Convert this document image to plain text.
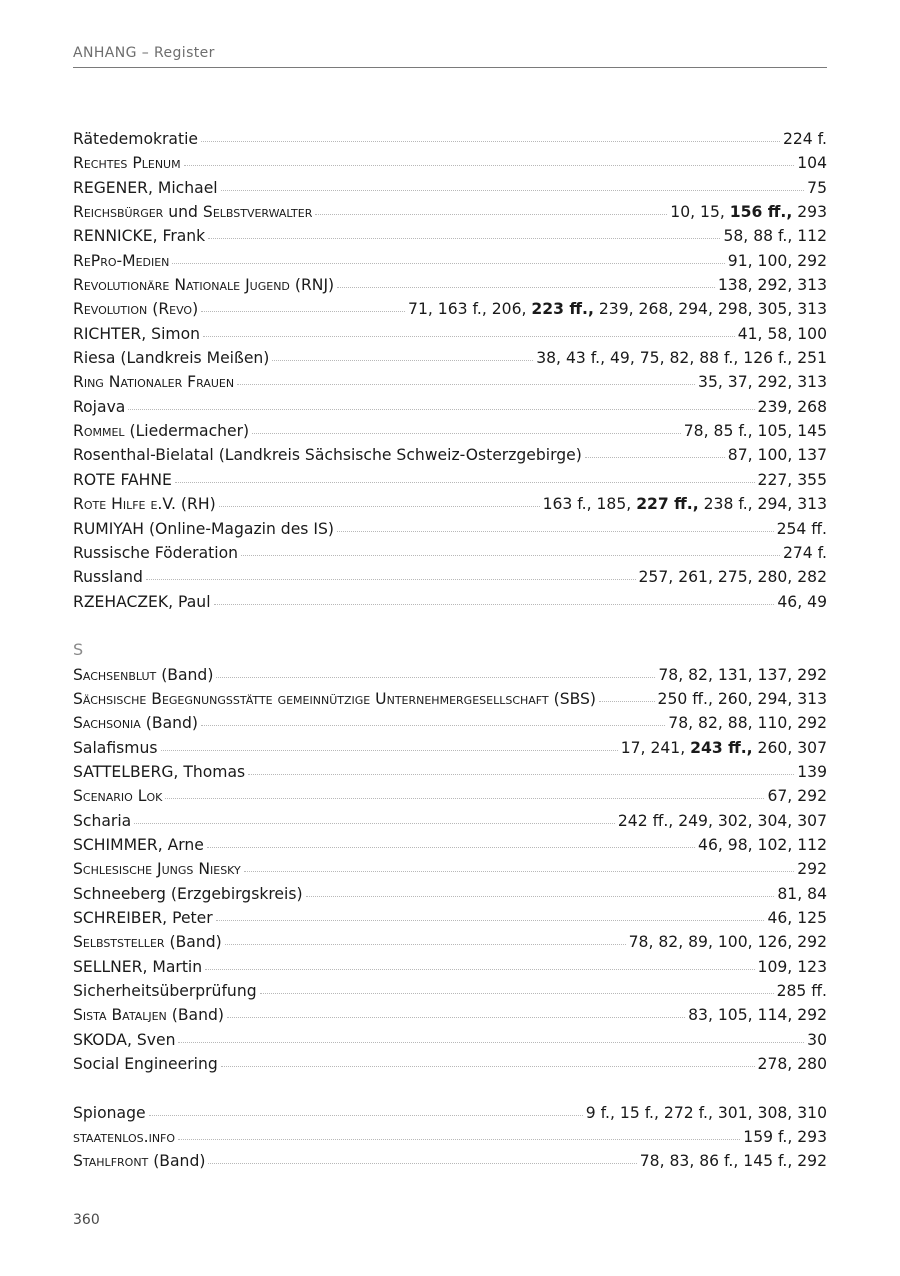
ANHANG – Register
Rätedemokratie	224 f.
Rechtes Plenum	104
REGENER, Michael	75
Reichsbürger und Selbstverwalter	10, 15, 156 ff., 293
RENNICKE, Frank	58, 88 f., 112
RePro-Medien	91, 100, 292
Revolutionäre Nationale Jugend (RNJ)	138, 292, 313
Revolution (Revo)	71, 163 f., 206, 223 ff., 239, 268, 294, 298, 305, 313
RICHTER, Simon	41, 58, 100
Riesa (Landkreis Meißen)	38, 43 f., 49, 75, 82, 88 f., 126 f., 251
Ring Nationaler Frauen	35, 37, 292, 313
Rojava	239, 268
Rommel (Liedermacher)	78, 85 f., 105, 145
Rosenthal-Bielatal (Landkreis Sächsische Schweiz-Osterzgebirge)	87, 100, 137
ROTE FAHNE	227, 355
Rote Hilfe e.V. (RH)	163 f., 185, 227 ff., 238 f., 294, 313
RUMIYAH (Online-Magazin des IS)	254 ff.
Russische Föderation	274 f.
Russland	257, 261, 275, 280, 282
RZEHACZEK, Paul	46, 49
S
Sachsenblut (Band)	78, 82, 131, 137, 292
Sächsische Begegnungsstätte gemeinnützige Unternehmergesellschaft (SBS)	250 ff., 260, 294, 313
Sachsonia (Band)	78, 82, 88, 110, 292
Salafismus	17, 241, 243 ff., 260, 307
SATTELBERG, Thomas	139
Scenario Lok	67, 292
Scharia	242 ff., 249, 302, 304, 307
SCHIMMER, Arne	46, 98, 102, 112
Schlesische Jungs Niesky	292
Schneeberg (Erzgebirgskreis)	81, 84
SCHREIBER, Peter	46, 125
Selbststeller (Band)	78, 82, 89, 100, 126, 292
SELLNER, Martin	109, 123
Sicherheitsüberprüfung	285 ff.
Sista Bataljen (Band)	83, 105, 114, 292
SKODA, Sven	30
Social Engineering	278, 280
Spionage	9 f., 15 f., 272 f., 301, 308, 310
staatenlos.info	159 f., 293
Stahlfront (Band)	78, 83, 86 f., 145 f., 292
360
